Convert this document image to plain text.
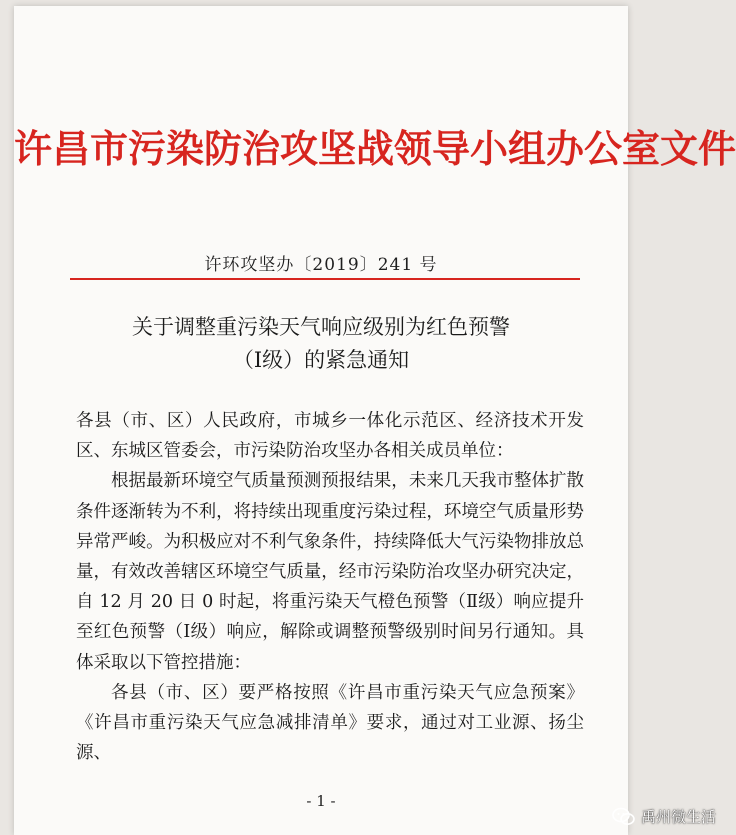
许昌市污染防治攻坚战领导小组办公室文件
许环攻坚办〔2019〕241 号
关于调整重污染天气响应级别为红色预警
（Ⅰ级）的紧急通知

各县（市、区）人民政府，市城乡一体化示范区、经济技术开发区、东城区管委会，市污染防治攻坚办各相关成员单位：

根据最新环境空气质量预测预报结果，未来几天我市整体扩散条件逐渐转为不利，将持续出现重度污染过程，环境空气质量形势异常严峻。为积极应对不利气象条件，持续降低大气污染物排放总量，有效改善辖区环境空气质量，经市污染防治攻坚办研究决定，自 12 月 20 日 0 时起，将重污染天气橙色预警（Ⅱ级）响应提升至红色预警（Ⅰ级）响应，解除或调整预警级别时间另行通知。具体采取以下管控措施：

各县（市、区）要严格按照《许昌市重污染天气应急预案》《许昌市重污染天气应急减排清单》要求，通过对工业源、扬尘源、

- 1 -
禹州微生活
